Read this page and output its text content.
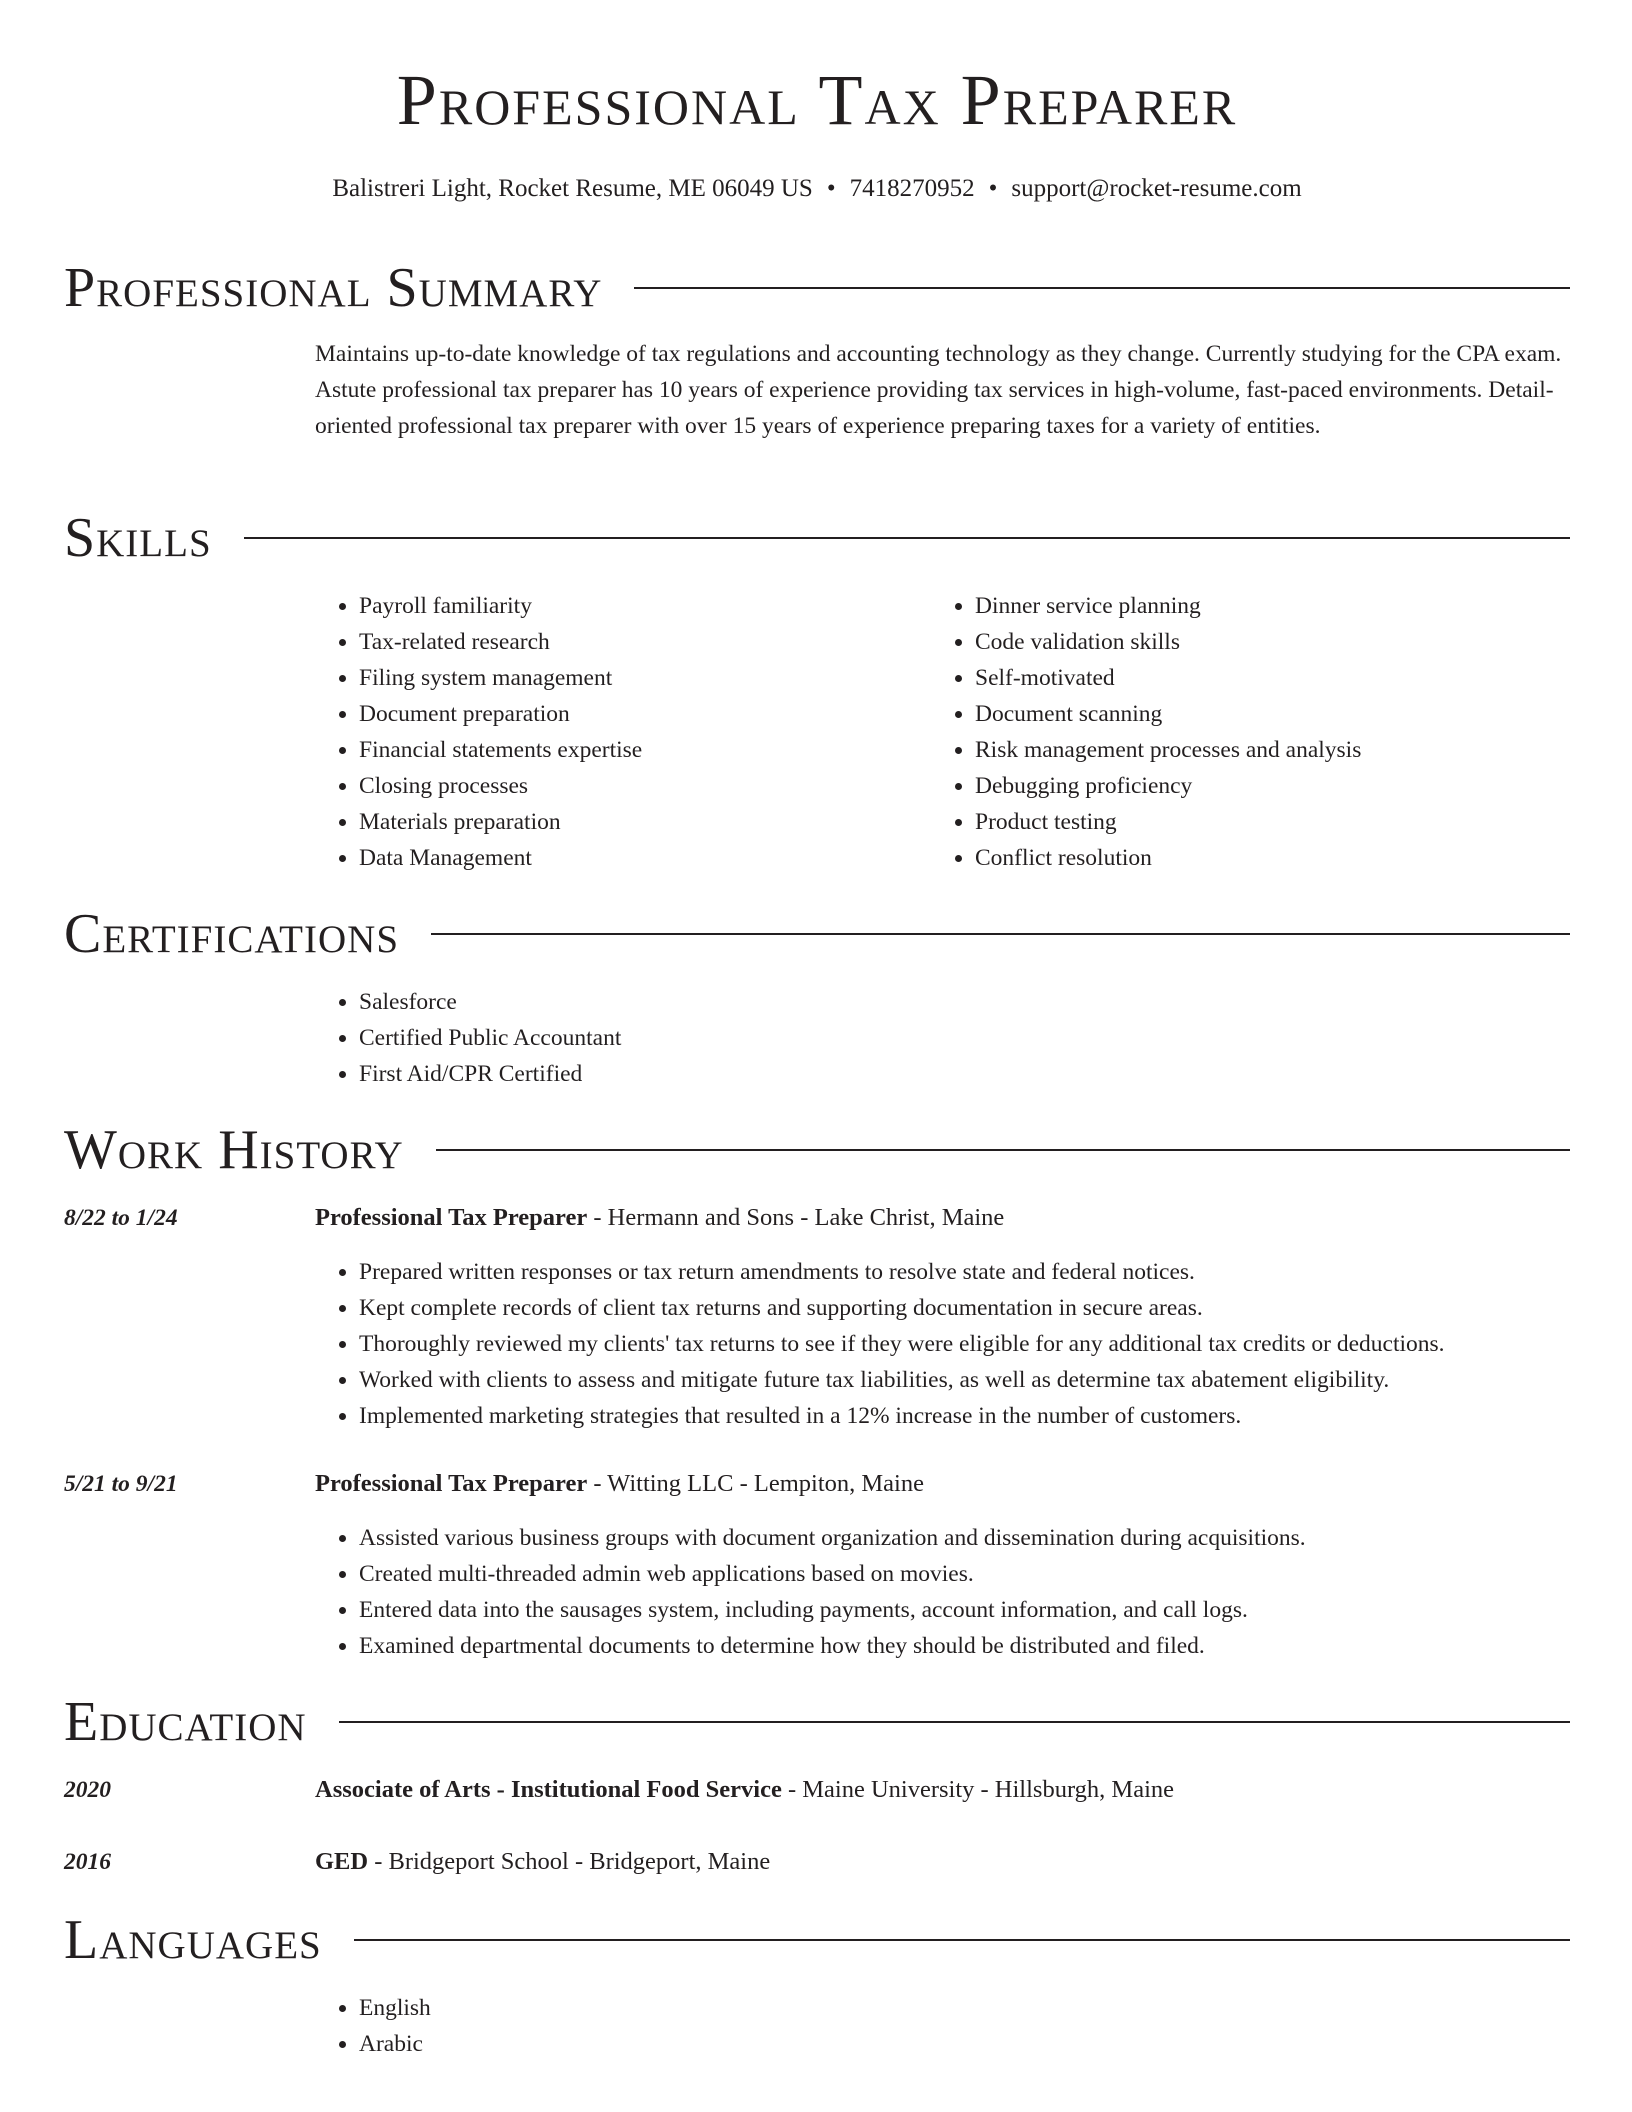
Professional Tax Preparer
Balistreri Light, Rocket Resume, ME 06049 US • 7418270952 • support@rocket-resume.com
Professional Summary
Maintains up-to-date knowledge of tax regulations and accounting technology as they change. Currently studying for the CPA exam. Astute professional tax preparer has 10 years of experience providing tax services in high-volume, fast-paced environments. Detail-oriented professional tax preparer with over 15 years of experience preparing taxes for a variety of entities.
Skills
• Payroll familiarity
• Tax-related research
• Filing system management
• Document preparation
• Financial statements expertise
• Closing processes
• Materials preparation
• Data Management
• Dinner service planning
• Code validation skills
• Self-motivated
• Document scanning
• Risk management processes and analysis
• Debugging proficiency
• Product testing
• Conflict resolution
Certifications
• Salesforce
• Certified Public Accountant
• First Aid/CPR Certified
Work History
8/22 to 1/24	Professional Tax Preparer - Hermann and Sons - Lake Christ, Maine
• Prepared written responses or tax return amendments to resolve state and federal notices.
• Kept complete records of client tax returns and supporting documentation in secure areas.
• Thoroughly reviewed my clients' tax returns to see if they were eligible for any additional tax credits or deductions.
• Worked with clients to assess and mitigate future tax liabilities, as well as determine tax abatement eligibility.
• Implemented marketing strategies that resulted in a 12% increase in the number of customers.
5/21 to 9/21	Professional Tax Preparer - Witting LLC - Lempiton, Maine
• Assisted various business groups with document organization and dissemination during acquisitions.
• Created multi-threaded admin web applications based on movies.
• Entered data into the sausages system, including payments, account information, and call logs.
• Examined departmental documents to determine how they should be distributed and filed.
Education
2020	Associate of Arts - Institutional Food Service - Maine University - Hillsburgh, Maine
2016	GED - Bridgeport School - Bridgeport, Maine
Languages
• English
• Arabic
